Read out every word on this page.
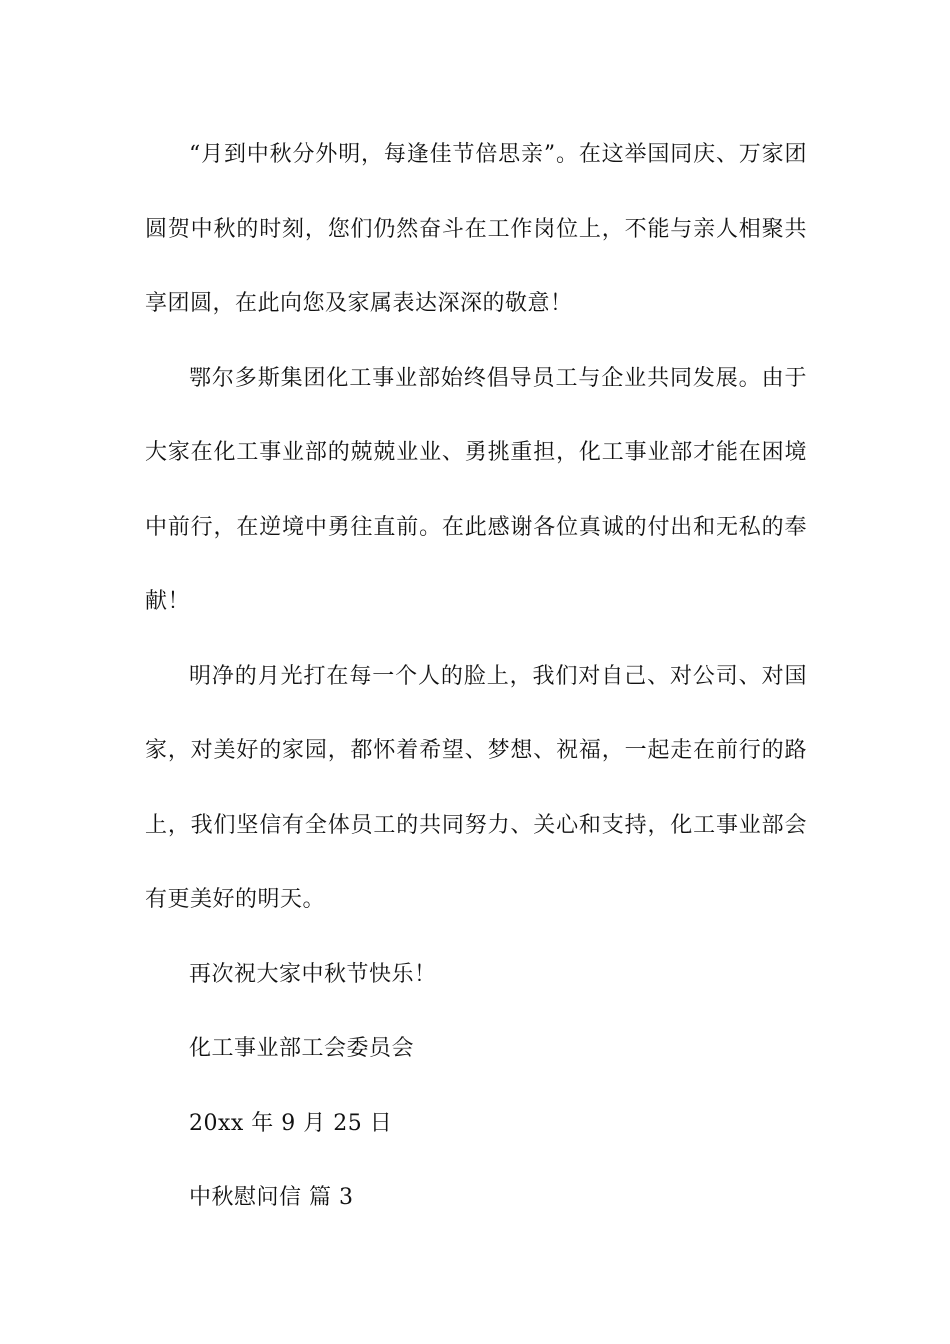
“月到中秋分外明，每逢佳节倍思亲”。在这举国同庆、万家团圆贺中秋的时刻，您们仍然奋斗在工作岗位上，不能与亲人相聚共享团圆，在此向您及家属表达深深的敬意！

鄂尔多斯集团化工事业部始终倡导员工与企业共同发展。由于大家在化工事业部的兢兢业业、勇挑重担，化工事业部才能在困境中前行，在逆境中勇往直前。在此感谢各位真诚的付出和无私的奉献！

明净的月光打在每一个人的脸上，我们对自己、对公司、对国家，对美好的家园，都怀着希望、梦想、祝福，一起走在前行的路上，我们坚信有全体员工的共同努力、关心和支持，化工事业部会有更美好的明天。

再次祝大家中秋节快乐！

化工事业部工会委员会

20xx 年 9 月 25 日

中秋慰问信 篇 3
